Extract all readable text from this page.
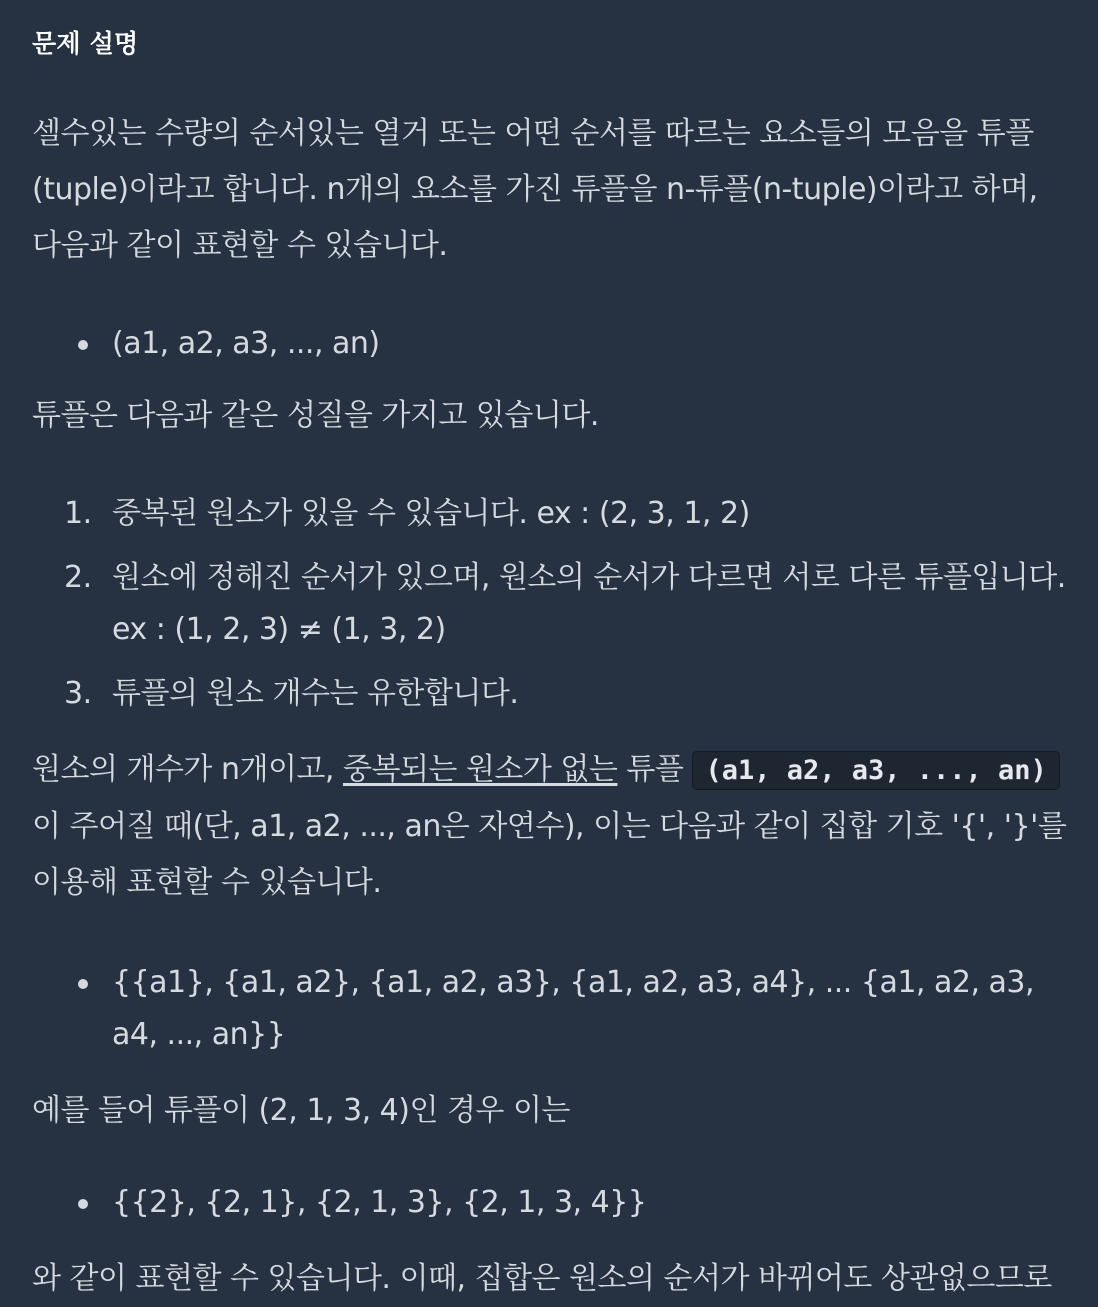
문제 설명

셀수있는 수량의 순서있는 열거 또는 어떤 순서를 따르는 요소들의 모음을 튜플(tuple)이라고 합니다. n개의 요소를 가진 튜플을 n-튜플(n-tuple)이라고 하며, 다음과 같이 표현할 수 있습니다.

(a1, a2, a3, ..., an)

튜플은 다음과 같은 성질을 가지고 있습니다.

1. 중복된 원소가 있을 수 있습니다. ex : (2, 3, 1, 2)
2. 원소에 정해진 순서가 있으며, 원소의 순서가 다르면 서로 다른 튜플입니다. ex : (1, 2, 3) ≠ (1, 3, 2)
3. 튜플의 원소 개수는 유한합니다.

원소의 개수가 n개이고, 중복되는 원소가 없는 튜플 (a1, a2, a3, ..., an) 이 주어질 때(단, a1, a2, ..., an은 자연수), 이는 다음과 같이 집합 기호 '{', '}'를 이용해 표현할 수 있습니다.

{{a1}, {a1, a2}, {a1, a2, a3}, {a1, a2, a3, a4}, ... {a1, a2, a3, a4, ..., an}}

예를 들어 튜플이 (2, 1, 3, 4)인 경우 이는

{{2}, {2, 1}, {2, 1, 3}, {2, 1, 3, 4}}

와 같이 표현할 수 있습니다. 이때, 집합은 원소의 순서가 바뀌어도 상관없으므로
